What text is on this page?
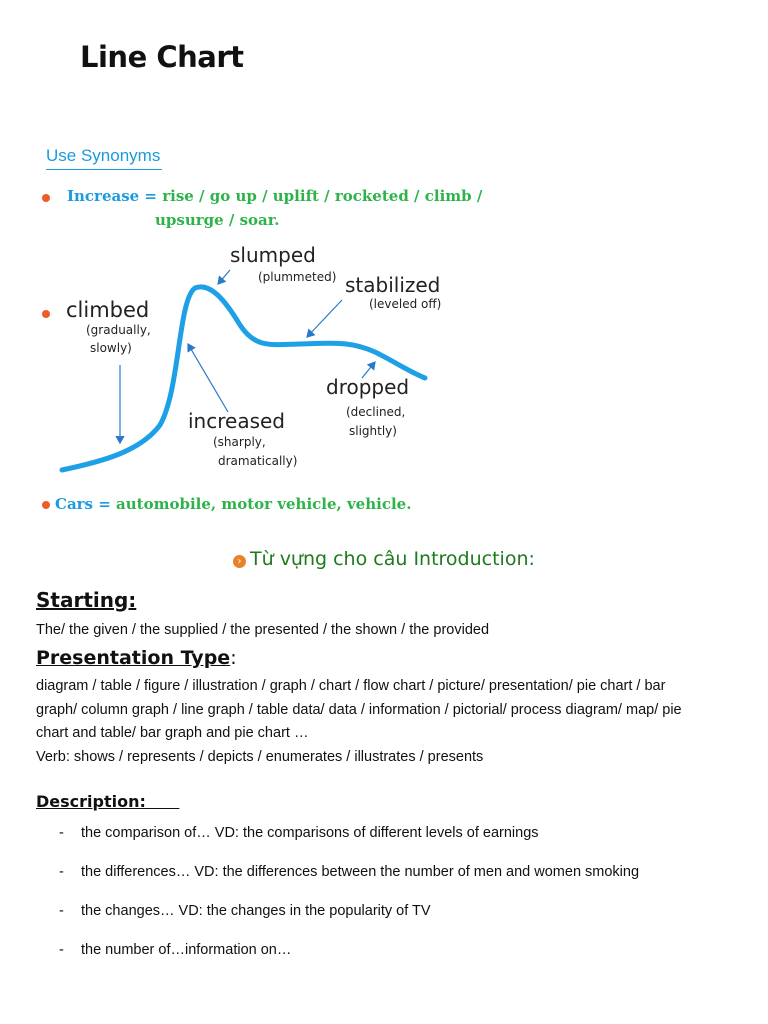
Line Chart
Use Synonyms
Increase = rise / go up / uplift / rocketed / climb /
upsurge / soar.
climbed
(gradually,
slowly)
slumped
(plummeted) stabilized
(leveled off)
increased
(sharply,
dramatically)
dropped
(declined,
slightly)
Cars = automobile, motor vehicle, vehicle.
› Từ vựng cho câu Introduction:
Starting:
The/ the given / the supplied / the presented / the shown / the provided
Presentation Type:
diagram / table / figure / illustration / graph / chart / flow chart / picture/ presentation/ pie chart / bar
graph/ column graph / line graph / table data/ data / information / pictorial/ process diagram/ map/ pie
chart and table/ bar graph and pie chart …
Verb: shows / represents / depicts / enumerates / illustrates / presents
Description:
- the comparison of… VD: the comparisons of different levels of earnings
- the differences… VD: the differences between the number of men and women smoking
- the changes… VD: the changes in the popularity of TV
- the number of…information on…
